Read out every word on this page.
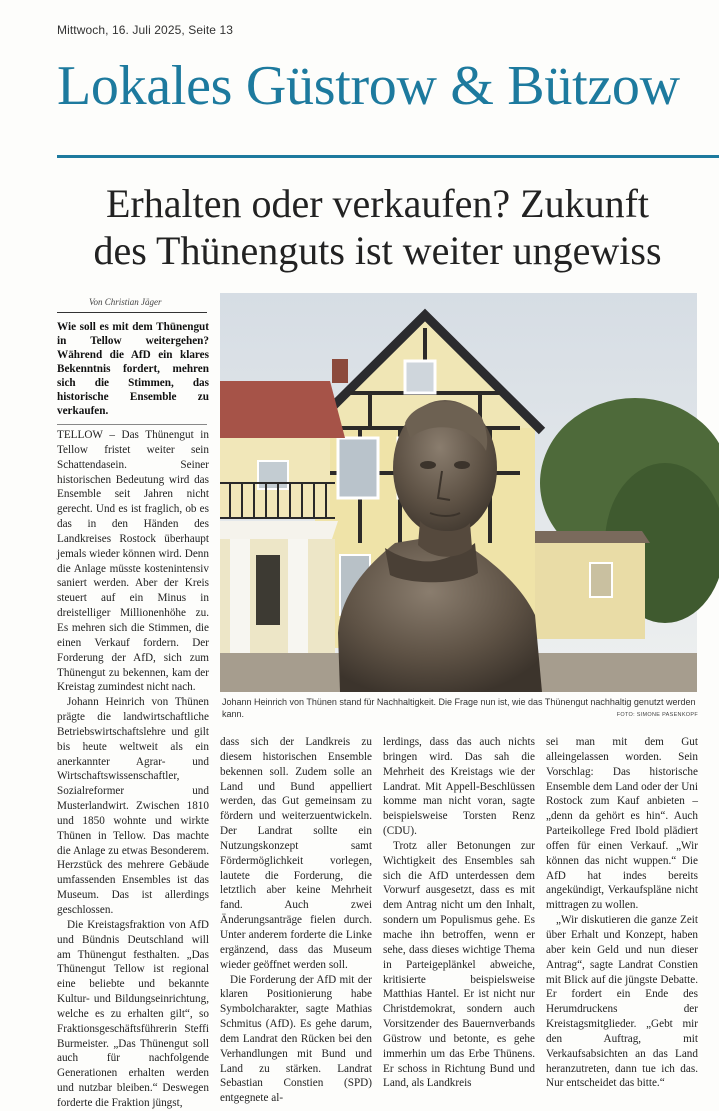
Mittwoch, 16. Juli 2025, Seite 13
Lokales Güstrow & Bützow
Erhalten oder verkaufen? Zukunft
des Thünenguts ist weiter ungewiss
Von Christian Jäger
Wie soll es mit dem Thünengut in Tellow weitergehen? Während die AfD ein klares Bekenntnis fordert, mehren sich die Stimmen, das historische Ensemble zu verkaufen.
Johann Heinrich von Thünen stand für Nachhaltigkeit. Die Frage nun ist, wie das Thünengut nachhaltig genutzt werden kann.	FOTO: SIMONE PASENKOPF

TELLOW – Das Thünengut in Tellow fristet weiter sein Schattendasein. Seiner historischen Bedeutung wird das Ensemble seit Jahren nicht gerecht. Und es ist fraglich, ob es das in den Händen des Landkreises Rostock überhaupt jemals wieder können wird. Denn die Anlage müsste kostenintensiv saniert werden. Aber der Kreis steuert auf ein Minus in dreistelliger Millionenhöhe zu. Es mehren sich die Stimmen, die einen Verkauf fordern. Der Forderung der AfD, sich zum Thünengut zu bekennen, kam der Kreistag zumindest nicht nach.

Johann Heinrich von Thünen prägte die landwirtschaftliche Betriebswirtschaftslehre und gilt bis heute weltweit als ein anerkannter Agrar- und Wirtschaftswissenschaftler, Sozialreformer und Musterlandwirt. Zwischen 1810 und 1850 wohnte und wirkte Thünen in Tellow. Das machte die Anlage zu etwas Besonderem. Herzstück des mehrere Gebäude umfassenden Ensembles ist das Museum. Das ist allerdings geschlossen.

Die Kreistagsfraktion von AfD und Bündnis Deutschland will am Thünengut festhalten. „Das Thünengut Tellow ist regional eine beliebte und bekannte Kultur- und Bildungseinrichtung, welche es zu erhalten gilt“, so Fraktionsgeschäftsführerin Steffi Burmeister. „Das Thünengut soll auch für nachfolgende Generationen erhalten werden und nutzbar bleiben.“ Deswegen forderte die Fraktion jüngst,

dass sich der Landkreis zu diesem historischen Ensemble bekennen soll. Zudem solle an Land und Bund appelliert werden, das Gut gemeinsam zu fördern und weiterzuentwickeln. Der Landrat sollte ein Nutzungskonzept samt Fördermöglichkeit vorlegen, lautete die Forderung, die letztlich aber keine Mehrheit fand. Auch zwei Änderungsanträge fielen durch. Unter anderem forderte die Linke ergänzend, dass das Museum wieder geöffnet werden soll.

Die Forderung der AfD mit der klaren Positionierung habe Symbolcharakter, sagte Mathias Schmitus (AfD). Es gehe darum, dem Landrat den Rücken bei den Verhandlungen mit Bund und Land zu stärken. Landrat Sebastian Constien (SPD) entgegnete al-

lerdings, dass das auch nichts bringen wird. Das sah die Mehrheit des Kreistags wie der Landrat. Mit Appell-Beschlüssen komme man nicht voran, sagte beispielsweise Torsten Renz (CDU).

Trotz aller Betonungen zur Wichtigkeit des Ensembles sah sich die AfD unterdessen dem Vorwurf ausgesetzt, dass es mit dem Antrag nicht um den Inhalt, sondern um Populismus gehe. Es mache ihn betroffen, wenn er sehe, dass dieses wichtige Thema in Parteigeplänkel abweiche, kritisierte beispielsweise Matthias Hantel. Er ist nicht nur Christdemokrat, sondern auch Vorsitzender des Bauernverbands Güstrow und betonte, es gehe immerhin um das Erbe Thünens. Er schoss in Richtung Bund und Land, als Landkreis

sei man mit dem Gut alleingelassen worden. Sein Vorschlag: Das historische Ensemble dem Land oder der Uni Rostock zum Kauf anbieten – „denn da gehört es hin“. Auch Parteikollege Fred Ibold plädiert offen für einen Verkauf. „Wir können das nicht wuppen.“ Die AfD hat indes bereits angekündigt, Verkaufspläne nicht mittragen zu wollen.

„Wir diskutieren die ganze Zeit über Erhalt und Konzept, haben aber kein Geld und nun dieser Antrag“, sagte Landrat Constien mit Blick auf die jüngste Debatte. Er fordert ein Ende des Herumdruckens der Kreistagsmitglieder. „Gebt mir den Auftrag, mit Verkaufsabsichten an das Land heranzutreten, dann tue ich das. Nur entscheidet das bitte.“
